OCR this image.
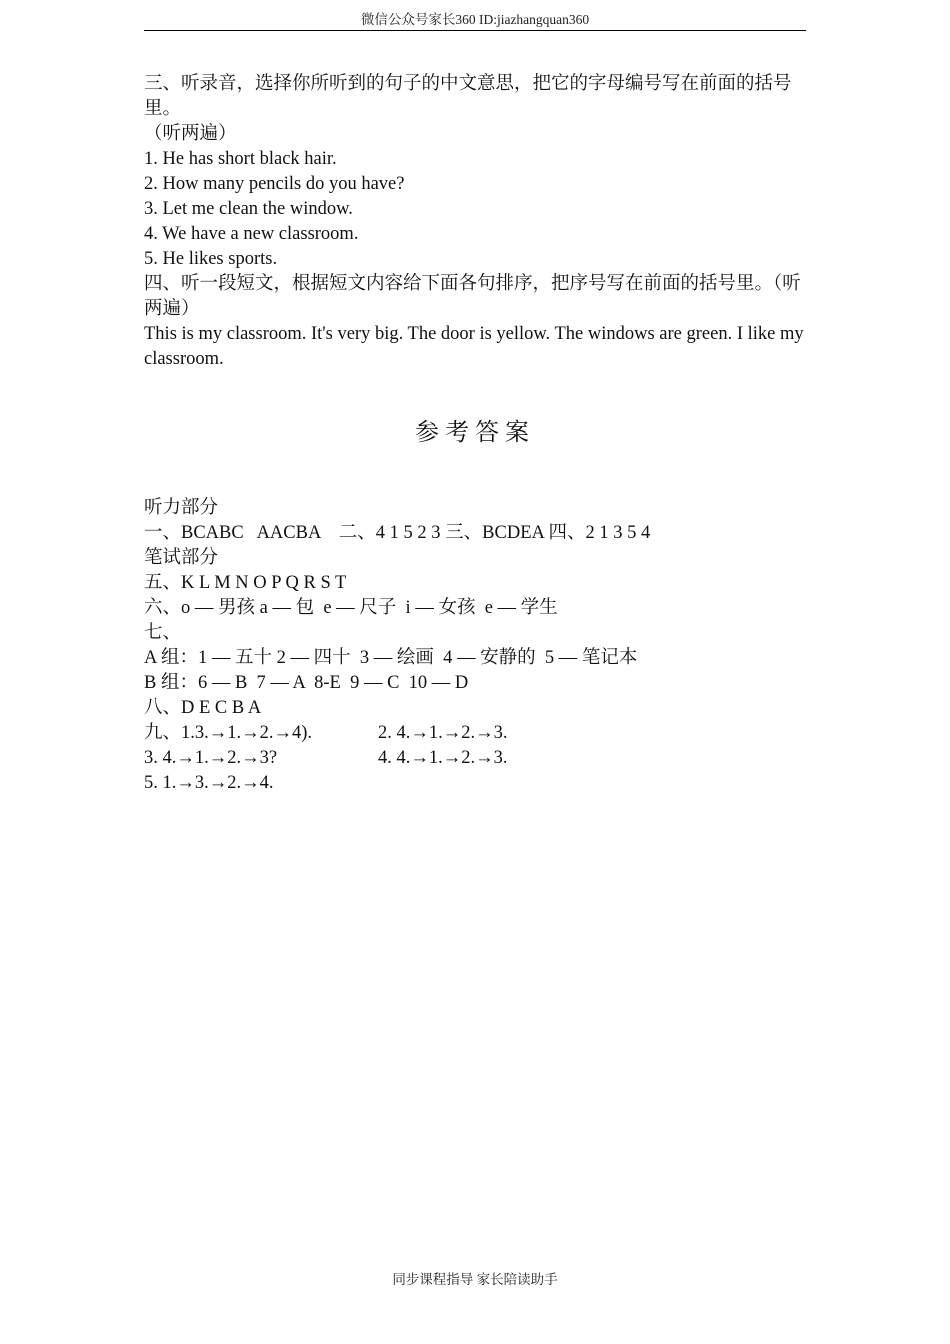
微信公众号家长360 ID:jiazhangquan360

三、听录音，选择你所听到的句子的中文意思，把它的字母编号写在前面的括号里。

（听两遍）

1. He has short black hair.

2. How many pencils do you have?

3. Let me clean the window.

4. We have a new classroom.

5. He likes sports.

四、听一段短文，根据短文内容给下面各句排序，把序号写在前面的括号里。（听两遍）

This is my classroom. It's very big. The door is yellow. The windows are green. I like my classroom.

参考答案

听力部分

一、BCABC   AACBA    二、4 1 5 2 3 三、BCDEA 四、2 1 3 5 4

笔试部分

五、K L M N O P Q R S T

六、o — 男孩 a — 包  e — 尺子  i — 女孩  e — 学生

七、

A 组：1 — 五十 2 — 四十  3 — 绘画  4 — 安静的  5 — 笔记本

B 组：6 — B  7 — A  8-E  9 — C  10 — D

八、D E C B A

九、1.3.→1.→2.→4).	2. 4.→1.→2.→3.
3. 4.→1.→2.→3?	4. 4.→1.→2.→3.
5. 1.→3.→2.→4.
同步课程指导 家长陪读助手
